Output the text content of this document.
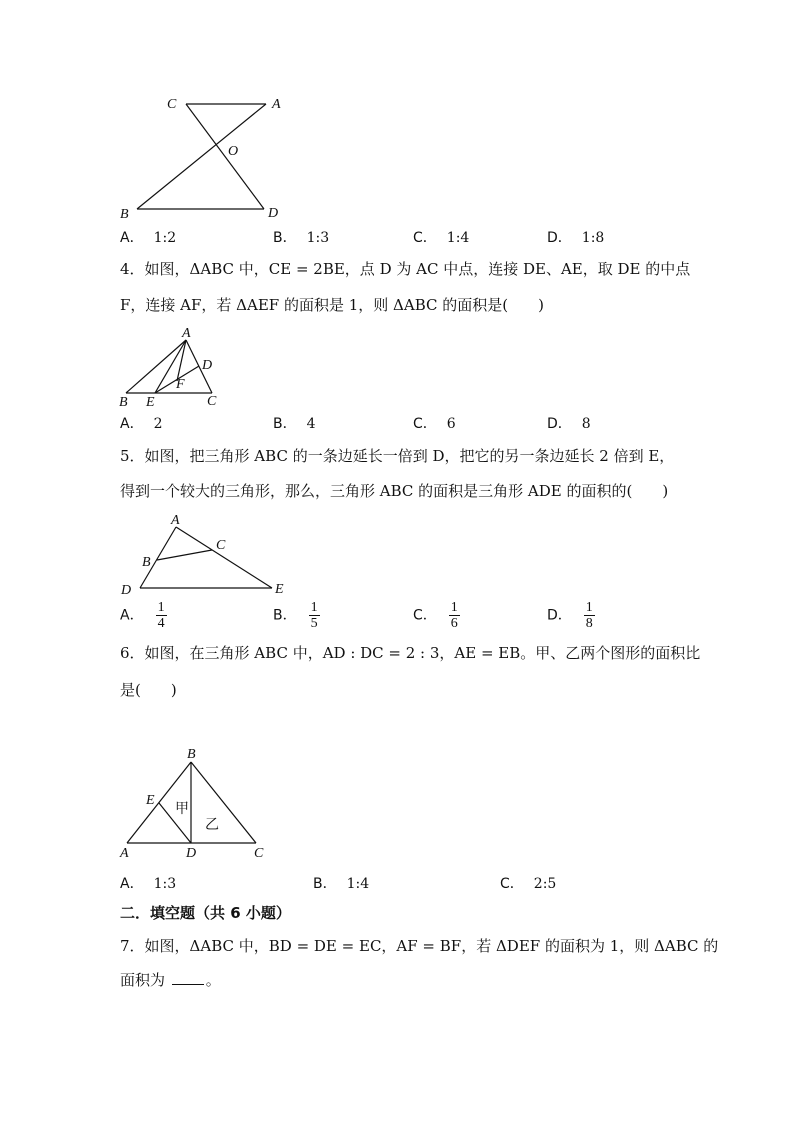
C	A
O
B	D
A． 1:2	B． 1:3	C． 1:4	D． 1:8
4．如图，ΔABC 中，CE = 2BE，点 D 为 AC 中点，连接 DE、AE，取 DE 的中点
F，连接 AF，若 ΔAEF 的面积是 1，则 ΔABC 的面积是(　　)
A
D
F
B E	C
A． 2	B． 4	C． 6	D． 8
5．如图，把三角形 ABC 的一条边延长一倍到 D，把它的另一条边延长 2 倍到 E，
得到一个较大的三角形，那么，三角形 ABC 的面积是三角形 ADE 的面积的(　　)
A
C
B
D	E
A． $\frac{1}{4}$	B． $\frac{1}{5}$	C． $\frac{1}{6}$	D． $\frac{1}{8}$
6．如图，在三角形 ABC 中，AD : DC = 2 : 3，AE = EB。甲、乙两个图形的面积比
是(　　)
B
E
甲
乙
A	D	C
A． 1:3	B． 1:4	C． 2:5
二．填空题（共 6 小题）
7．如图，ΔABC 中，BD = DE = EC，AF = BF，若 ΔDEF 的面积为 1，则 ΔABC 的
面积为	。
